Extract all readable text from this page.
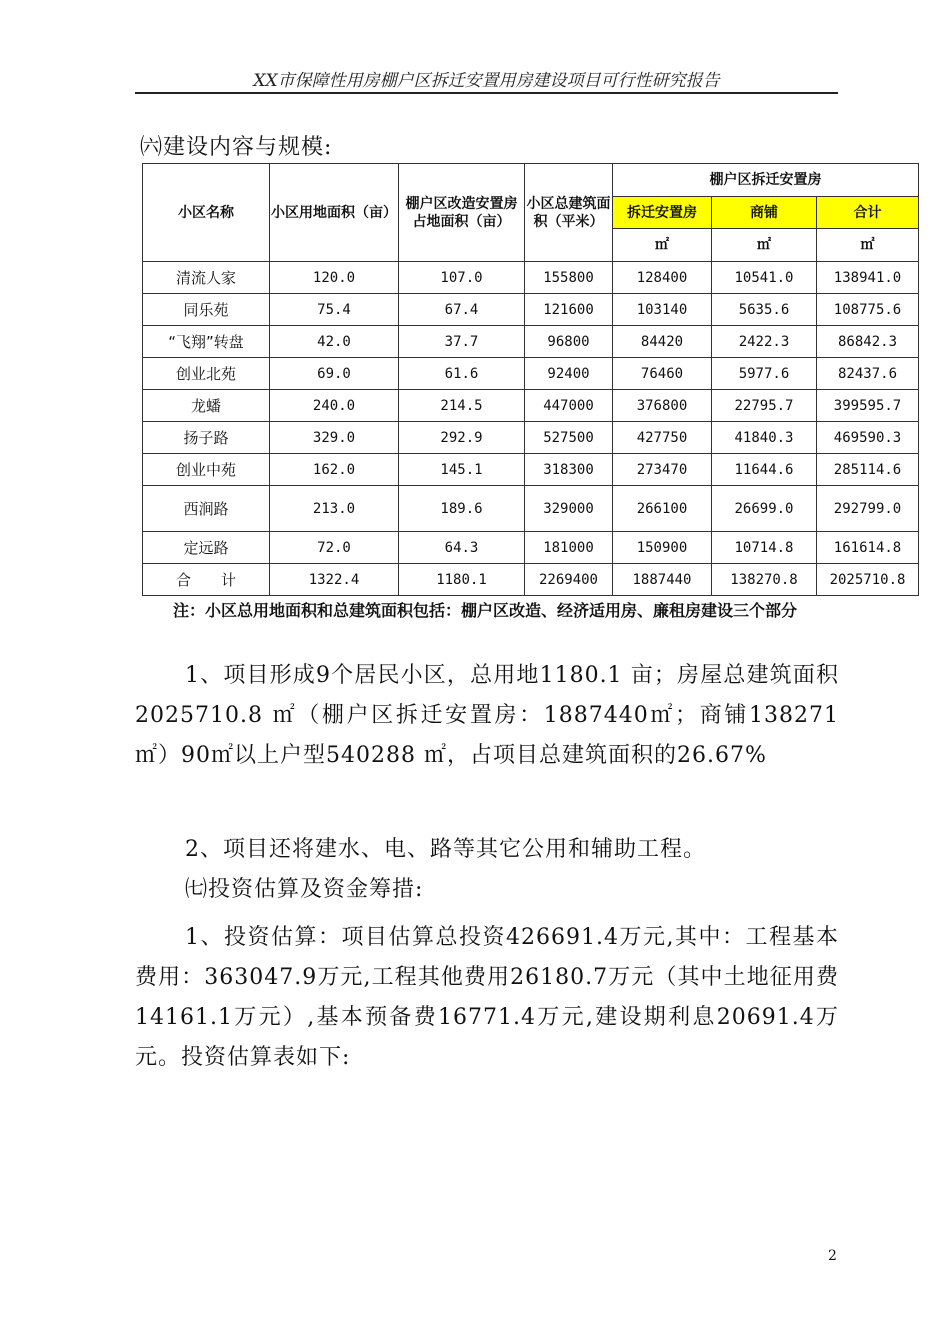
XX市保障性用房棚户区拆迁安置用房建设项目可行性研究报告
㈥建设内容与规模:
小区名称	小区用地面积（亩）	棚户区改造安置房占地面积（亩）	小区总建筑面积（平米）	棚户区拆迁安置房		
				拆迁安置房	商铺	合计
				㎡	㎡	㎡
清流人家	120.0	107.0	155800	128400	10541.0	138941.0
同乐苑	75.4	67.4	121600	103140	5635.6	108775.6
“飞翔”转盘	42.0	37.7	96800	84420	2422.3	86842.3
创业北苑	69.0	61.6	92400	76460	5977.6	82437.6
龙蟠	240.0	214.5	447000	376800	22795.7	399595.7
扬子路	329.0	292.9	527500	427750	41840.3	469590.3
创业中苑	162.0	145.1	318300	273470	11644.6	285114.6
西涧路	213.0	189.6	329000	266100	26699.0	292799.0
定远路	72.0	64.3	181000	150900	10714.8	161614.8
合　　计	1322.4	1180.1	2269400	1887440	138270.8	2025710.8
注：小区总用地面积和总建筑面积包括：棚户区改造、经济适用房、廉租房建设三个部分
1、项目形成9个居民小区，总用地1180.1 亩；房屋总建筑面积2025710.8 ㎡（棚户区拆迁安置房：1887440㎡；商铺138271㎡）90㎡以上户型540288 ㎡，占项目总建筑面积的26.67%
2、项目还将建水、电、路等其它公用和辅助工程。
㈦投资估算及资金筹措:
1、投资估算：项目估算总投资426691.4万元,其中：工程基本费用：363047.9万元,工程其他费用26180.7万元（其中土地征用费14161.1万元）,基本预备费16771.4万元,建设期利息20691.4万元。投资估算表如下:
2
